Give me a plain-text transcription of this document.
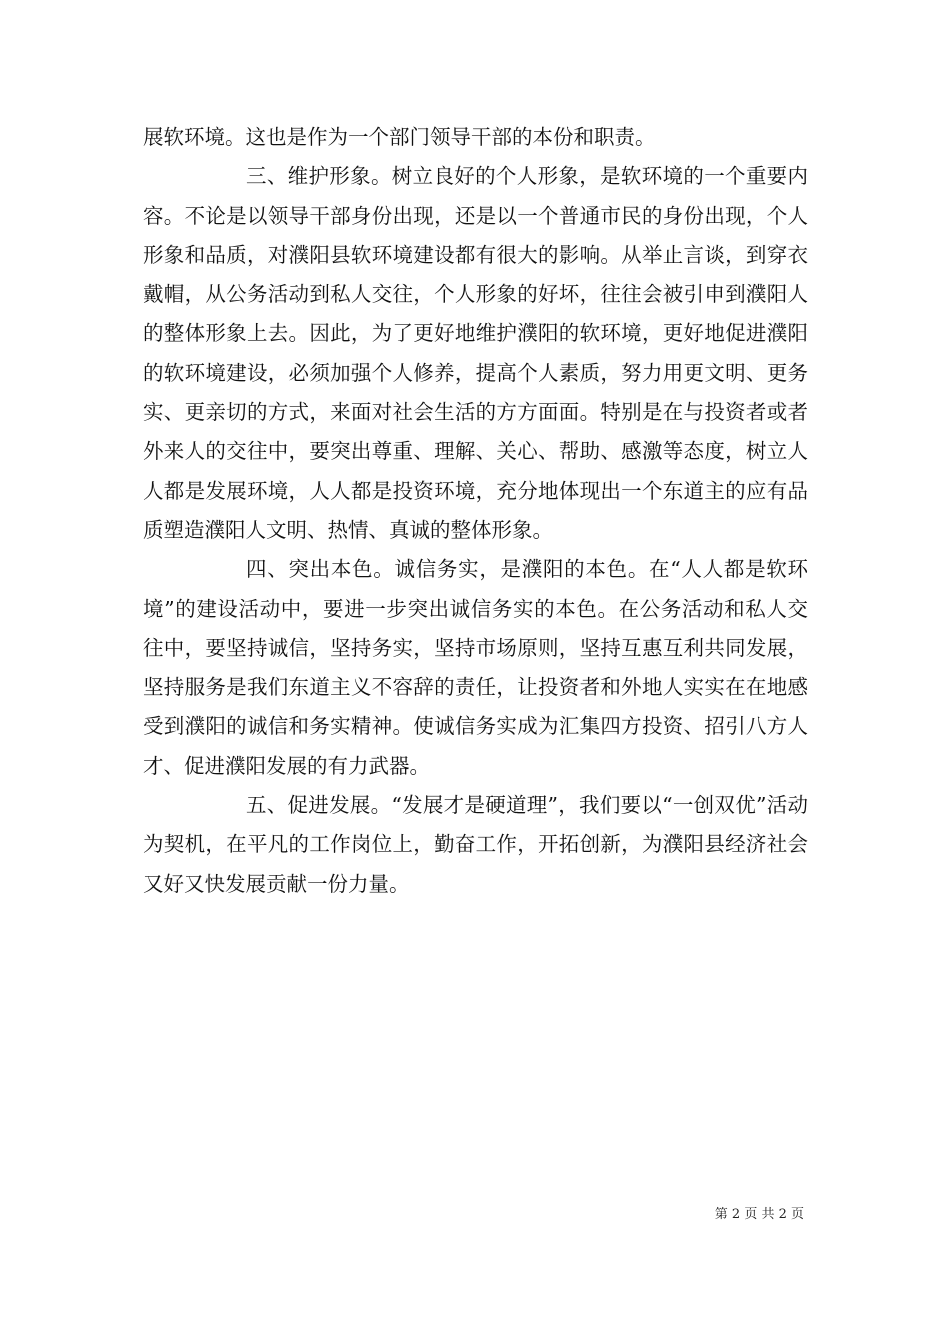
展软环境。这也是作为一个部门领导干部的本份和职责。

三、维护形象。树立良好的个人形象，是软环境的一个重要内容。不论是以领导干部身份出现，还是以一个普通市民的身份出现，个人形象和品质，对濮阳县软环境建设都有很大的影响。从举止言谈，到穿衣戴帽，从公务活动到私人交往，个人形象的好坏，往往会被引申到濮阳人的整体形象上去。因此，为了更好地维护濮阳的软环境，更好地促进濮阳的软环境建设，必须加强个人修养，提高个人素质，努力用更文明、更务实、更亲切的方式，来面对社会生活的方方面面。特别是在与投资者或者外来人的交往中，要突出尊重、理解、关心、帮助、感激等态度，树立人人都是发展环境，人人都是投资环境，充分地体现出一个东道主的应有品质塑造濮阳人文明、热情、真诚的整体形象。

四、突出本色。诚信务实，是濮阳的本色。在“人人都是软环境”的建设活动中，要进一步突出诚信务实的本色。在公务活动和私人交往中，要坚持诚信，坚持务实，坚持市场原则，坚持互惠互利共同发展，坚持服务是我们东道主义不容辞的责任，让投资者和外地人实实在在地感受到濮阳的诚信和务实精神。使诚信务实成为汇集四方投资、招引八方人才、促进濮阳发展的有力武器。

五、促进发展。“发展才是硬道理”，我们要以“一创双优”活动为契机，在平凡的工作岗位上，勤奋工作，开拓创新，为濮阳县经济社会又好又快发展贡献一份力量。

第 2 页 共 2 页
